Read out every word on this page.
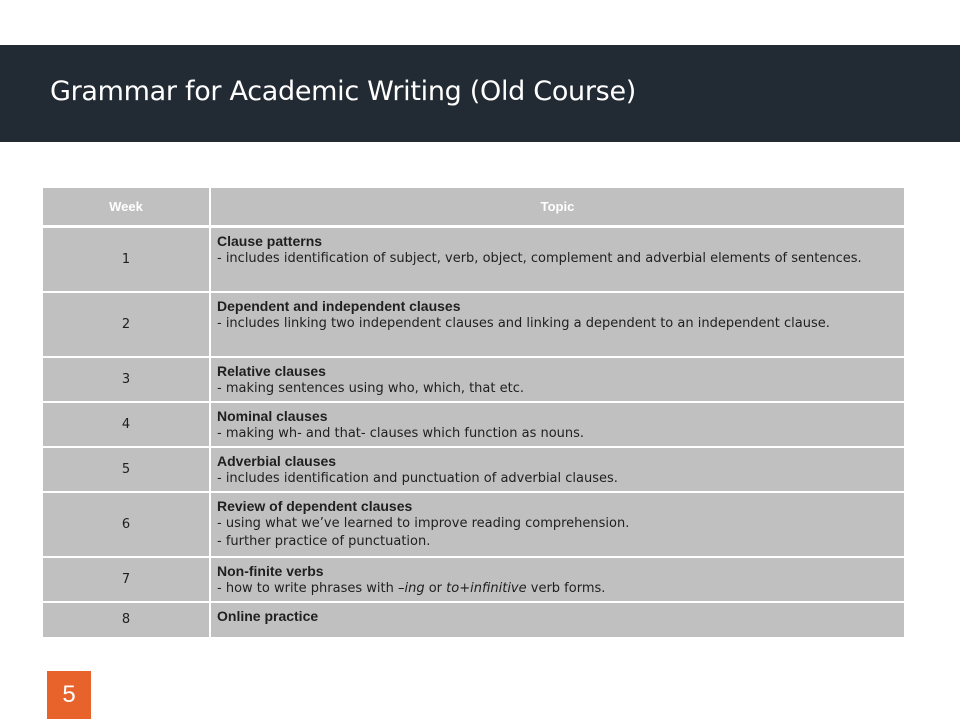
Grammar for Academic Writing (Old Course)
Week	Topic
1	Clause patterns
- includes identification of subject, verb, object, complement and adverbial elements of sentences.

2	Dependent and independent clauses
- includes linking two independent clauses and linking a dependent to an independent clause.

3	Relative clauses
- making sentences using who, which, that etc.

4	Nominal clauses
- making wh- and that- clauses which function as nouns.

5	Adverbial clauses
- includes identification and punctuation of adverbial clauses.

6	Review of dependent clauses
- using what we’ve learned to improve reading comprehension.
- further practice of punctuation.

7	Non-finite verbs
- how to write phrases with –ing or to+infinitive verb forms.

8	Online practice
5
